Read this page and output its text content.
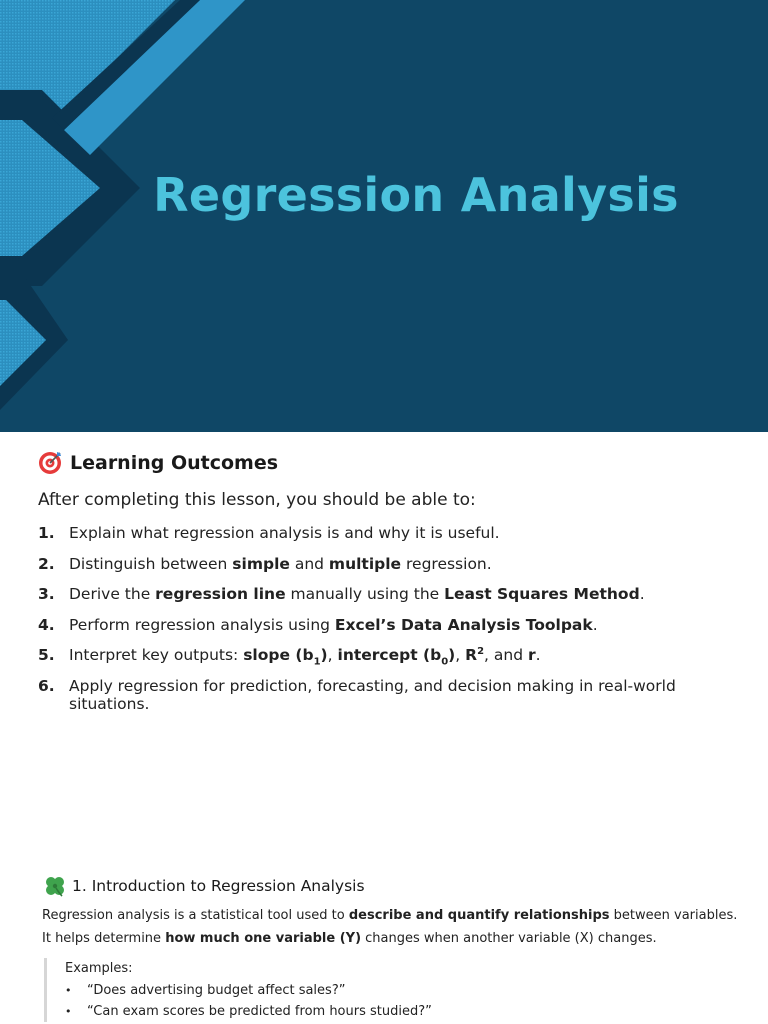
Regression Analysis
Learning Outcomes
After completing this lesson, you should be able to:
1. Explain what regression analysis is and why it is useful.
2. Distinguish between simple and multiple regression.
3. Derive the regression line manually using the Least Squares Method.
4. Perform regression analysis using Excel’s Data Analysis Toolpak.
5. Interpret key outputs: slope $(b_1)$, intercept $(b_0)$, $R^2$, and r.
6. Apply regression for prediction, forecasting, and decision making in real-world situations.
1. Introduction to Regression Analysis
Regression analysis is a statistical tool used to describe and quantify relationships between variables.
It helps determine how much one variable (Y) changes when another variable (X) changes.
Examples:
•	“Does advertising budget affect sales?”
•	“Can exam scores be predicted from hours studied?”
